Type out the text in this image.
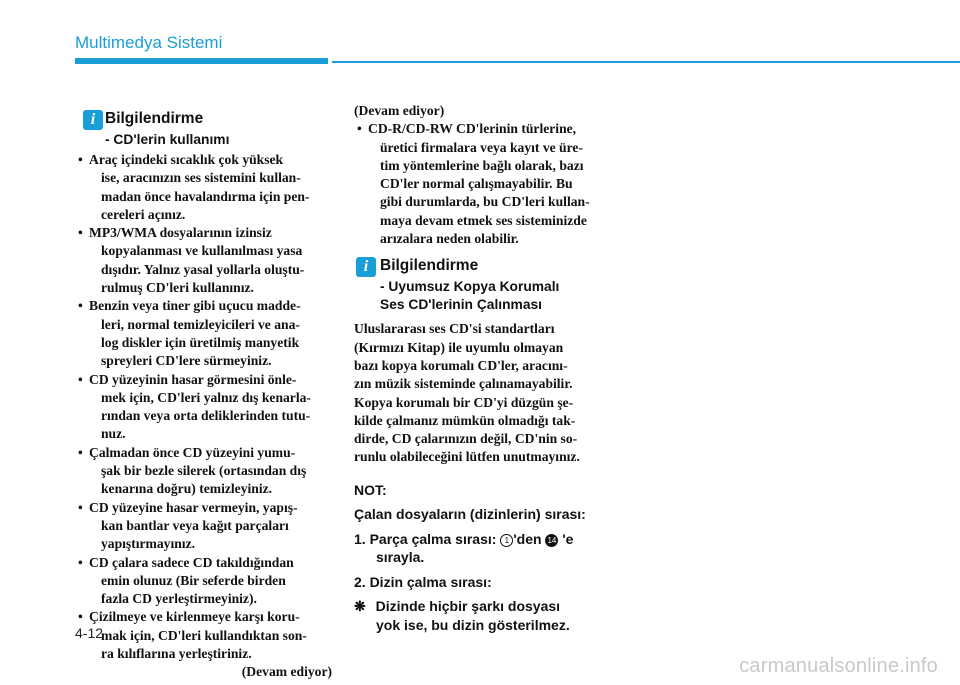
Multimedya Sistemi
i Bilgilendirme
- CD'lerin kullanımı
• Araç içindeki sıcaklık çok yüksek
ise, aracınızın ses sistemini kullan-
madan önce havalandırma için pen-
cereleri açınız.
• MP3/WMA dosyalarının izinsiz
kopyalanması ve kullanılması yasa
dışıdır. Yalnız yasal yollarla oluştu-
rulmuş CD'leri kullanınız.
• Benzin veya tiner gibi uçucu madde-
leri, normal temizleyicileri ve ana-
log diskler için üretilmiş manyetik
spreyleri CD'lere sürmeyiniz.
• CD yüzeyinin hasar görmesini önle-
mek için, CD'leri yalnız dış kenarla-
rından veya orta deliklerinden tutu-
nuz.
• Çalmadan önce CD yüzeyini yumu-
şak bir bezle silerek (ortasından dış
kenarına doğru) temizleyiniz.
• CD yüzeyine hasar vermeyin, yapış-
kan bantlar veya kağıt parçaları
yapıştırmayınız.
• CD çalara sadece CD takıldığından
emin olunuz (Bir seferde birden
fazla CD yerleştirmeyiniz).
• Çizilmeye ve kirlenmeye karşı koru-
mak için, CD'leri kullandıktan son-
ra kılıflarına yerleştiriniz.
(Devam ediyor)
(Devam ediyor)
• CD-R/CD-RW CD'lerinin türlerine,
üretici firmalara veya kayıt ve üre-
tim yöntemlerine bağlı olarak, bazı
CD'ler normal çalışmayabilir. Bu
gibi durumlarda, bu CD'leri kullan-
maya devam etmek ses sisteminizde
arızalara neden olabilir.
i Bilgilendirme
- Uyumsuz Kopya Korumalı
Ses CD'lerinin Çalınması
Uluslararası ses CD'si standartları
(Kırmızı Kitap) ile uyumlu olmayan
bazı kopya korumalı CD'ler, aracını-
zın müzik sisteminde çalınamayabilir.
Kopya korumalı bir CD'yi düzgün şe-
kilde çalmanız mümkün olmadığı tak-
dirde, CD çalarınızın değil, CD'nin so-
runlu olabileceğini lütfen unutmayınız.
NOT:
Çalan dosyaların (dizinlerin) sırası:
1. Parça çalma sırası: 1 'den 14 'e
sırayla.
2. Dizin çalma sırası:
❋ Dizinde hiçbir şarkı dosyası
yok ise, bu dizin gösterilmez.
4-12
carmanualsonline.info
